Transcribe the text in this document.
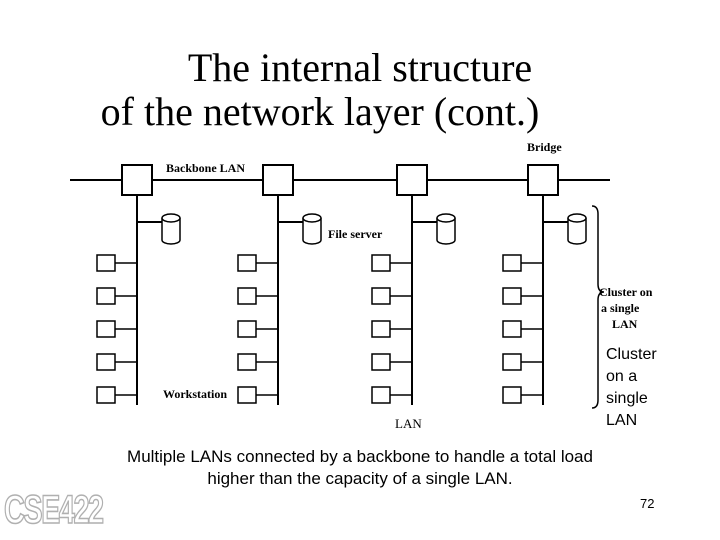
The internal structure
of the network layer (cont.)
Bridge
Backbone LAN
File server
Workstation
Cluster on
a single
LAN
LAN
Cluster
on a
single
LAN
Multiple LANs connected by a backbone to handle a total load
higher than the capacity of a single LAN.
72
CSE422
